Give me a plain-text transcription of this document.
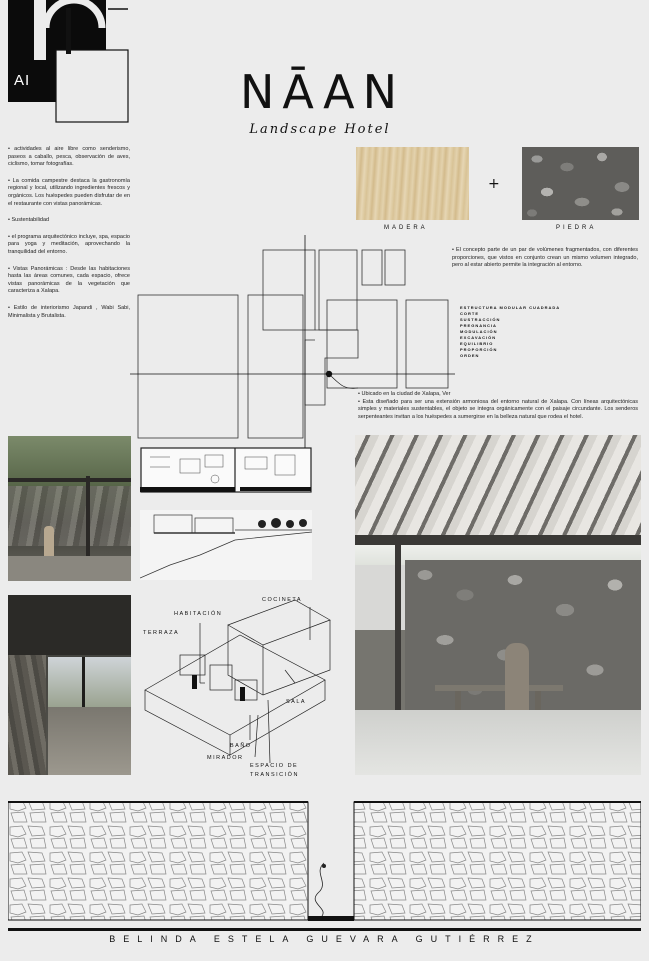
AI	NĀAN
Landscape Hotel

• actividades al aire libre como senderismo, paseos a caballo, pesca, observación de aves, ciclismo, tomar fotografías.

• La comida campestre destaca la gastronomía regional y local, utilizando ingredientes frescos y orgánicos. Los huéspedes pueden disfrutar de en el restaurante con vistas panorámicas.

• Sustentabilidad

• el programa arquitectónico incluye, spa, espacio para yoga y meditación, aprovechando la tranquilidad del entorno.

• Vistas Panorámicas : Desde las habitaciones hasta las áreas comunes, cada espacio, ofrece vistas panorámicas de la vegetación que caracteriza a Xalapa.

• Estilo de interiorismo Japandi , Wabi Sabi, Minimalista y Brutalista.

+
MADERA	PIEDRA

• El concepto parte de un par de volúmenes fragmentados, con diferentes proporciones, que vistos en conjunto crean un mismo volumen integrado, pero al estar abierto permite la integración al entorno.

ESTRUCTURA MODULAR CUADRADA
CORTE
SUSTRACCIÓN
PREGNANCIA
MODULACIÓN
EXCAVACIÓN
EQUILIBRIO
PROPORCIÓN
ORDEN

• Ubicado en la ciudad de Xalapa, Ver

• Esta diseñado para ser una extensión armoniosa del entorno natural de Xalapa. Con líneas arquitectónicas simples y materiales sustentables, el objeto se integra orgánicamente con el paisaje circundante. Los senderos serpenteantes invitan a los huéspedes a sumergirse en la belleza natural que rodea el hotel.

COCINETA
HABITACIÓN
TERRAZA
SALA
BAÑO
MIRADOR
ESPACIO DE
TRANSICIÓN
BELINDA ESTELA GUEVARA GUTIÉRREZ
